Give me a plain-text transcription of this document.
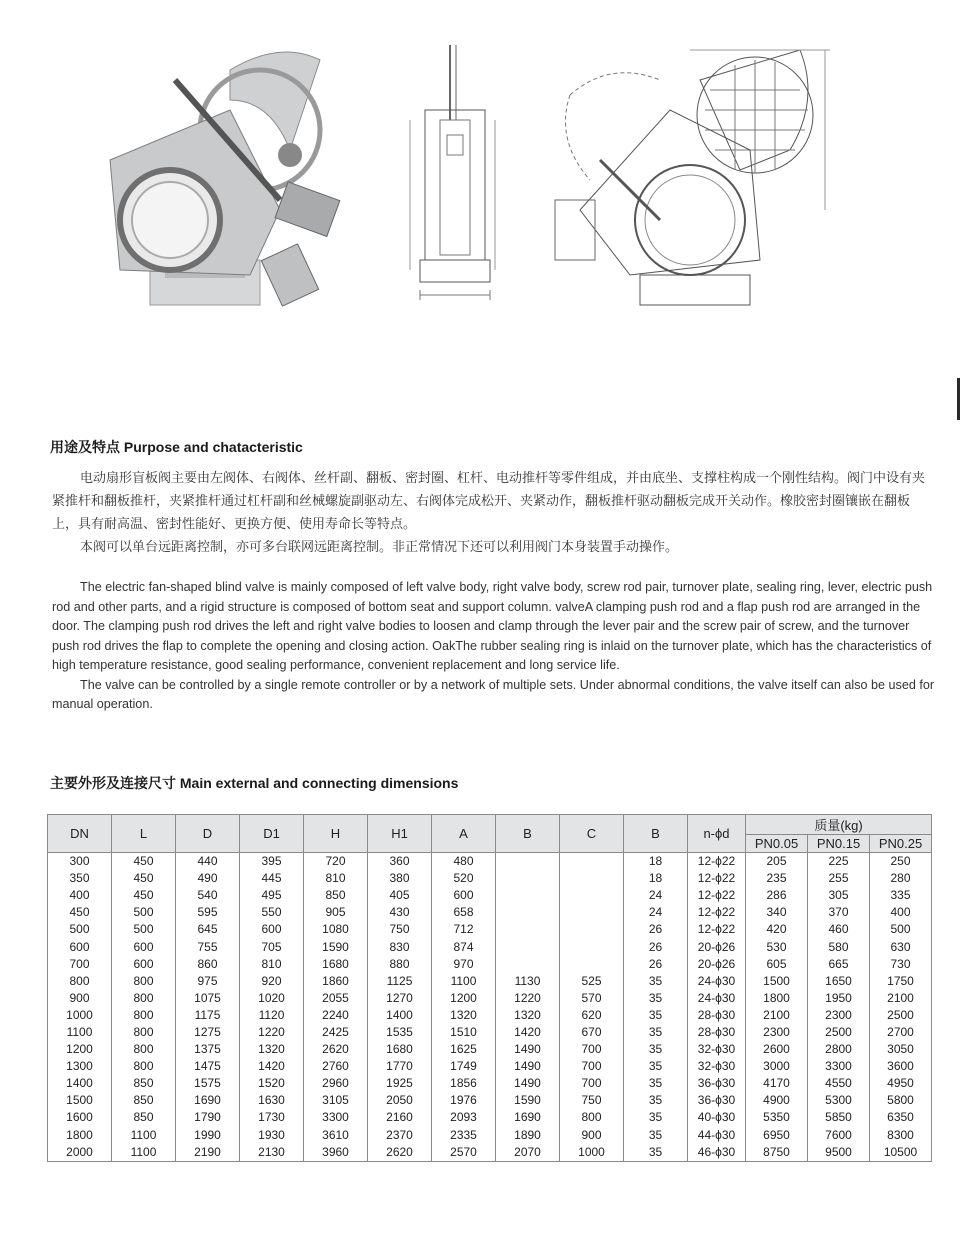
用途及特点 Purpose and chatacteristic

电动扇形盲板阀主要由左阀体、右阀体、丝杆副、翻板、密封圈、杠杆、电动推杆等零件组成，并由底坐、支撑柱构成一个刚性结构。阀门中设有夹紧推杆和翻板推杆，夹紧推杆通过杠杆副和丝械螺旋副驱动左、右阀体完成松开、夹紧动作，翻板推杆驱动翻板完成开关动作。橡胶密封圈镶嵌在翻板上，具有耐高温、密封性能好、更换方便、使用寿命长等特点。

本阀可以单台远距离控制，亦可多台联网远距离控制。非正常情况下还可以利用阀门本身装置手动操作。

The electric fan-shaped blind valve is mainly composed of left valve body, right valve body, screw rod pair, turnover plate, sealing ring, lever, electric push rod and other parts, and a rigid structure is composed of bottom seat and support column. valveA clamping push rod and a flap push rod are arranged in the door. The clamping push rod drives the left and right valve bodies to loosen and clamp through the lever pair and the screw pair of screw, and the turnover push rod drives the flap to complete the opening and closing action. OakThe rubber sealing ring is inlaid on the turnover plate, which has the characteristics of high temperature resistance, good sealing performance, convenient replacement and long service life.

The valve can be controlled by a single remote controller or by a network of multiple sets. Under abnormal conditions, the valve itself can also be used for manual operation.

主要外形及连接尺寸 Main external and connecting dimensions
DN	L	D	D1	H	H1	A	B	C	B	n-ϕd	质量(kg)		
											PN0.05	PN0.15	PN0.25
300	450	440	395	720	360	480			18	12-ϕ22	205	225	250
350	450	490	445	810	380	520			18	12-ϕ22	235	255	280
400	450	540	495	850	405	600			24	12-ϕ22	286	305	335
450	500	595	550	905	430	658			24	12-ϕ22	340	370	400
500	500	645	600	1080	750	712			26	12-ϕ22	420	460	500
600	600	755	705	1590	830	874			26	20-ϕ26	530	580	630
700	600	860	810	1680	880	970			26	20-ϕ26	605	665	730
800	800	975	920	1860	1125	1100	1130	525	35	24-ϕ30	1500	1650	1750
900	800	1075	1020	2055	1270	1200	1220	570	35	24-ϕ30	1800	1950	2100
1000	800	1175	1120	2240	1400	1320	1320	620	35	28-ϕ30	2100	2300	2500
1100	800	1275	1220	2425	1535	1510	1420	670	35	28-ϕ30	2300	2500	2700
1200	800	1375	1320	2620	1680	1625	1490	700	35	32-ϕ30	2600	2800	3050
1300	800	1475	1420	2760	1770	1749	1490	700	35	32-ϕ30	3000	3300	3600
1400	850	1575	1520	2960	1925	1856	1490	700	35	36-ϕ30	4170	4550	4950
1500	850	1690	1630	3105	2050	1976	1590	750	35	36-ϕ30	4900	5300	5800
1600	850	1790	1730	3300	2160	2093	1690	800	35	40-ϕ30	5350	5850	6350
1800	1100	1990	1930	3610	2370	2335	1890	900	35	44-ϕ30	6950	7600	8300
2000	1100	2190	2130	3960	2620	2570	2070	1000	35	46-ϕ30	8750	9500	10500
